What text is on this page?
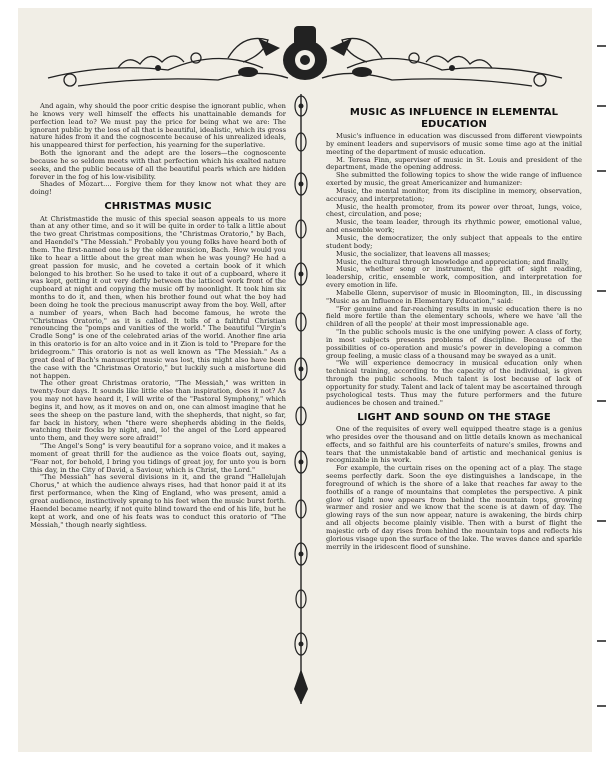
And again, why should the poor critic despise the ignorant public, when he knows very well himself the effects his unattainable demands for perfection lead to? We must pay the price for being what we are: The ignorant public by the loss of all that is beautiful, idealistic, which its gross nature hides from it and the cognoscente because of his unrealized ideals, his unappeared thirst for perfection, his yearning for the superlative.

Both the ignorant and the adept are the losers—the cognoscente because he so seldom meets with that perfection which his exalted nature seeks, and the public because of all the beautiful pearls which are hidden forever in the fog of his low-visibility.

Shades of Mozart.... Forgive them for they know not what they are doing!

CHRISTMAS MUSIC

At Christmastide the music of this special season appeals to us more than at any other time, and so it will be quite in order to talk a little about the two great Christmas compositions, the "Christmas Oratorio," by Bach, and Haendel's "The Messiah." Probably you young folks have heard both of them. The first-named one is by the older musicion, Bach. How would you like to hear a little about the great man when he was young? He had a great passion for music, and he coveted a certain book of it which belonged to his brother. So he used to take it out of a cupboard, where it was kept, getting it out very deftly between the latticed work front of the cupboard at night and copying the music off by moonlight. It took him six months to do it, and then, when his brother found out what the boy had been doing he took the precious manuscript away from the boy. Well, after a number of years, when Bach had become famous, he wrote the "Christmas Oratorio," as it is called. It tells of a faithful Christian renouncing the "pomps and vanities of the world." The beautiful "Virgin's Cradle Song" is one of the celebrated arias of the world. Another fine aria in this oratorio is for an alto voice and in it Zion is told to "Prepare for the bridegroom." This oratorio is not as well known as "The Messiah." As a great deal of Bach's manuscript music was lost, this might also have been the case with the "Christmas Oratorio," but luckily such a misfortune did not happen.

The other great Christmas oratorio, "The Messiah," was written in twenty-four days. It sounds like little else than inspiration, does it not? As you may not have heard it, I will write of the "Pastoral Symphony," which begins it, and how, as it moves on and on, one can almost imagine that he sees the sheep on the pasture land, with the shepherds, that night, so far, far back in history, when "there were shepherds abiding in the fields, watching their flocks by night, and, lo! the angel of the Lord appeared unto them, and they were sore afraid!"

"The Angel's Song" is very beautiful for a soprano voice, and it makes a moment of great thrill for the audience as the voice floats out, saying, "Fear not, for behold, I bring you tidings of great joy, for unto you is born this day, in the City of David, a Saviour, which is Christ, the Lord."

"The Messiah" has several divisions in it, and the grand "Hallelujah Chorus," at which the audience always rises, had that honor paid it at its first performance, when the King of England, who was present, amid a great audience, instinctively sprang to his feet when the music burst forth. Haendel became nearly, if not quite blind toward the end of his life, but he kept at work, and one of his feats was to conduct this oratorio of "The Messiah," though nearly sightless.

MUSIC AS INFLUENCE IN ELEMENTAL EDUCATION

Music's influence in education was discussed from different viewpoints by eminent leaders and supervisors of music some time ago at the initial meeting of the department of music education.

M. Teresa Finn, superviser of music in St. Louis and president of the department, made the opening address.

She submitted the following topics to show the wide range of influence exerted by music, the great Americanizer and humanizer:

Music, the mental monitor, from its discipline in memory, observation, accuracy, and interpretation;

Music, the health promoter, from its power over throat, lungs, voice, chest, circulation, and pose;

Music, the team leader, through its rhythmic power, emotional value, and ensemble work;

Music, the democratizer, the only subject that appeals to the entire student body;

Music, the socializer, that leavens all masses;

Music, the cultural through knowledge and appreciation; and finally,

Music, whether song or instrument, the gift of sight reading, leadership, critic, ensemble work, composition, and interpretation for every emotion in life.

Mabelle Glenn, supervisor of music in Bloomington, Ill., in discussing "Music as an Influence in Elementary Education," said:

"For genuine and far-reaching results in music education there is no field more fertile than the elementary schools, where we have 'all the children of all the people' at their most impressionable age.

"In the public schools music is the one unifying power. A class of forty, in most subjects presents problems of discipline. Because of the possibilities of co-operation and music's power in developing a common group feeling, a music class of a thousand may be swayed as a unit.

"We will experience democracy in musical education only when technical training, according to the capacity of the individual, is given through the public schools. Much talent is lost because of lack of opportunity for study. Talent and lack of talent may be ascertained through psychological tests. Thus may the future performers and the future audiences be chosen and trained."

LIGHT AND SOUND ON THE STAGE

One of the requisites of every well equipped theatre stage is a genius who presides over the thousand and on little details known as mechanical effects, and so faithful are his counterfeits of nature's smiles, frowns and tears that the unmistakable band of artistic and mechanical genius is recognizable in his work.

For example, the curtain rises on the opening act of a play. The stage seems perfectly dark. Soon the eye distinguishes a landscape, in the foreground of which is the shore of a lake that reaches far away to the foothills of a range of mountains that completes the perspective. A pink glow of light now appears from behind the mountain tops, growing warmer and rosier and we know that the scene is at dawn of day. The glowing rays of the sun now appear, nature is awakening, the birds chirp and all objects become plainly visible. Then with a burst of flight the majestic orb of day rises from behind the mountain tops and reflects his glorious visage upon the surface of the lake. The waves dance and sparkle merrily in the iridescent flood of sunshine.
